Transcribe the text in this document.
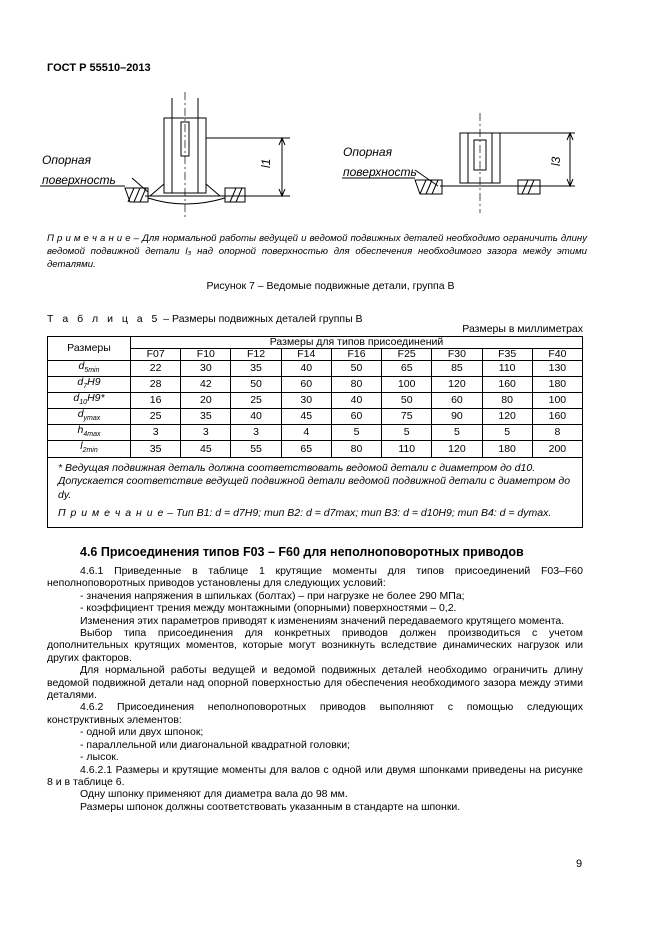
ГОСТ Р 55510–2013
Опорная
поверхность
l1
Опорная
поверхность
l3
П р и м е ч а н и е – Для нормальной работы ведущей и ведомой подвижных деталей необходимо ограничить длину ведомой подвижной детали l₃ над опорной поверхностью для обеспечения необходимого зазора между этими деталями.
Рисунок 7 – Ведомые подвижные детали, группа В
Т а б л и ц а 5 – Размеры подвижных деталей группы В
Размеры в миллиметрах
Размеры	Размеры для типов присоединений								
	F07	F10	F12	F14	F16	F25	F30	F35	F40
$d_{5min}$	22	30	35	40	50	65	85	110	130
$d_7H9$	28	42	50	60	80	100	120	160	180
$d_{10}H9*$	16	20	25	30	40	50	60	80	100
$d_{ymax}$	25	35	40	45	60	75	90	120	160
$h_{4max}$	3	3	3	4	5	5	5	5	8
$l_{2min}$	35	45	55	65	80	110	120	180	200

* Ведущая подвижная деталь должна соответствовать ведомой детали с диаметром до d10. Допускается соответствие ведущей подвижной детали ведомой подвижной детали с диаметром до dy.
П р и м е ч а н и е – Тип В1: d = d7H9; тип В2: d = d7max; тип В3: d = d10H9; тип В4: d = dymax.									
4.6 Присоединения типов F03 – F60 для неполноповоротных приводов
4.6.1 Приведенные в таблице 1 крутящие моменты для типов присоединений F03–F60 неполноповоротных приводов установлены для следующих условий:
- значения напряжения в шпильках (болтах) – при нагрузке не более 290 МПа;
- коэффициент трения между монтажными (опорными) поверхностями – 0,2.
Изменения этих параметров приводят к изменениям значений передаваемого крутящего момента.
Выбор типа присоединения для конкретных приводов должен производиться с учетом дополнительных крутящих моментов, которые могут возникнуть вследствие динамических нагрузок или других факторов.
Для нормальной работы ведущей и ведомой подвижных деталей необходимо ограничить длину ведомой подвижной детали над опорной поверхностью для обеспечения необходимого зазора между этими деталями.
4.6.2 Присоединения неполноповоротных приводов выполняют с помощью следующих конструктивных элементов:
- одной или двух шпонок;
- параллельной или диагональной квадратной головки;
- лысок.
4.6.2.1 Размеры и крутящие моменты для валов с одной или двумя шпонками приведены на рисунке 8 и в таблице 6.
Одну шпонку применяют для диаметра вала до 98 мм.
Размеры шпонок должны соответствовать указанным в стандарте на шпонки.
9
